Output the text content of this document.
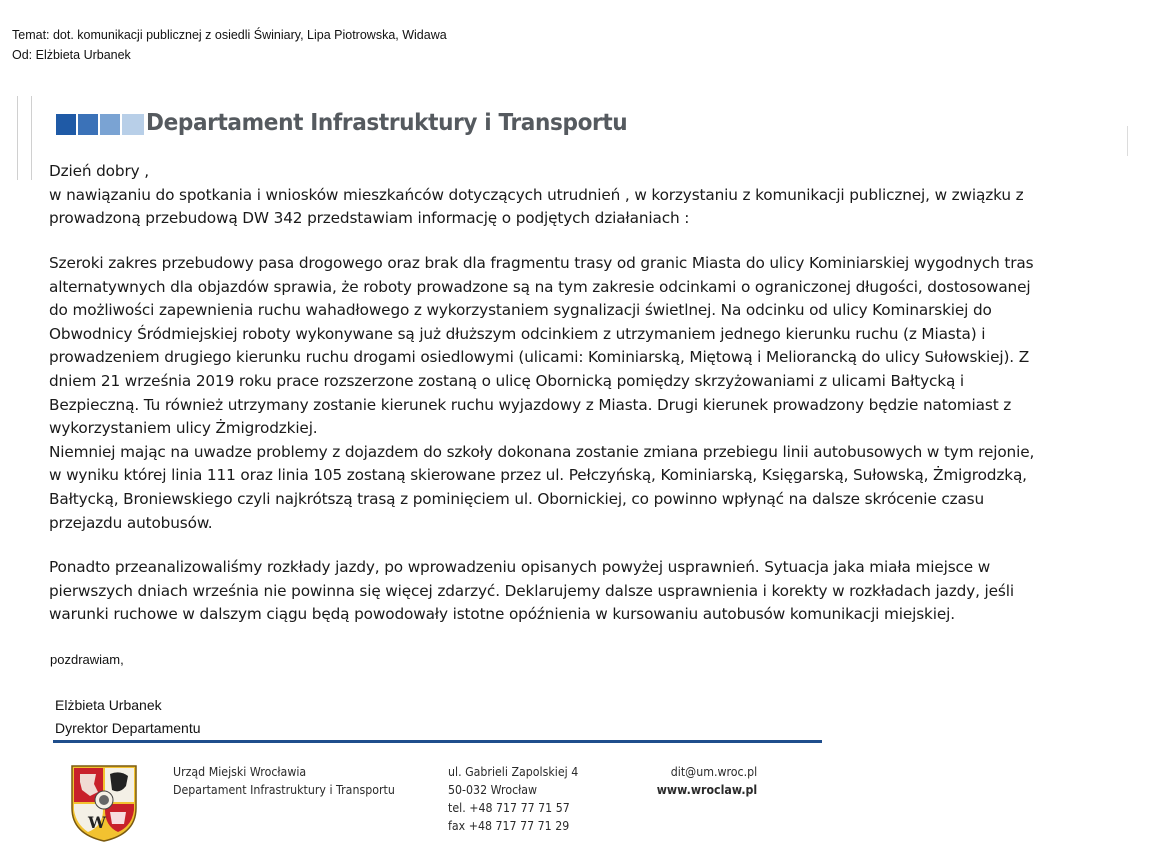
Temat: dot. komunikacji publicznej z osiedli Świniary, Lipa Piotrowska, Widawa
Od: Elżbieta Urbanek
Departament Infrastruktury i Transportu

Dzień dobry ,

w nawiązaniu do spotkania i wniosków mieszkańców dotyczących utrudnień , w korzystaniu z komunikacji publicznej, w związku z

prowadzoną przebudową DW 342 przedstawiam informację o podjętych działaniach :

Szeroki zakres przebudowy pasa drogowego oraz brak dla fragmentu trasy od granic Miasta do ulicy Kominiarskiej wygodnych tras

alternatywnych dla objazdów sprawia, że roboty prowadzone są na tym zakresie odcinkami o ograniczonej długości, dostosowanej

do możliwości zapewnienia ruchu wahadłowego z wykorzystaniem sygnalizacji świetlnej. Na odcinku od ulicy Kominarskiej do

Obwodnicy Śródmiejskiej roboty wykonywane są już dłuższym odcinkiem z utrzymaniem jednego kierunku ruchu (z Miasta) i

prowadzeniem drugiego kierunku ruchu drogami osiedlowymi (ulicami: Kominiarską, Miętową i Meliorancką do ulicy Sułowskiej). Z

dniem 21 września 2019 roku prace rozszerzone zostaną o ulicę Obornicką pomiędzy skrzyżowaniami z ulicami Bałtycką i

Bezpieczną. Tu również utrzymany zostanie kierunek ruchu wyjazdowy z Miasta. Drugi kierunek prowadzony będzie natomiast z

wykorzystaniem ulicy Żmigrodzkiej.

Niemniej mając na uwadze problemy z dojazdem do szkoły dokonana zostanie zmiana przebiegu linii autobusowych w tym rejonie,

w wyniku której linia 111 oraz linia 105 zostaną skierowane przez ul. Pełczyńską, Kominiarską, Księgarską, Sułowską, Żmigrodzką,

Bałtycką, Broniewskiego czyli najkrótszą trasą z pominięciem ul. Obornickiej, co powinno wpłynąć na dalsze skrócenie czasu

przejazdu autobusów.

Ponadto przeanalizowaliśmy rozkłady jazdy, po wprowadzeniu opisanych powyżej usprawnień. Sytuacja jaka miała miejsce w

pierwszych dniach września nie powinna się więcej zdarzyć. Deklarujemy dalsze usprawnienia i korekty w rozkładach jazdy, jeśli

warunki ruchowe w dalszym ciągu będą powodowały istotne opóźnienia w kursowaniu autobusów komunikacji miejskiej.

pozdrawiam,
Elżbieta Urbanek
Dyrektor Departamentu
W
Urząd Miejski Wrocławia
Departament Infrastruktury i Transportu
ul. Gabrieli Zapolskiej 4
50-032 Wrocław
tel. +48 717 77 71 57
fax +48 717 77 71 29
dit@um.wroc.pl
www.wroclaw.pl
